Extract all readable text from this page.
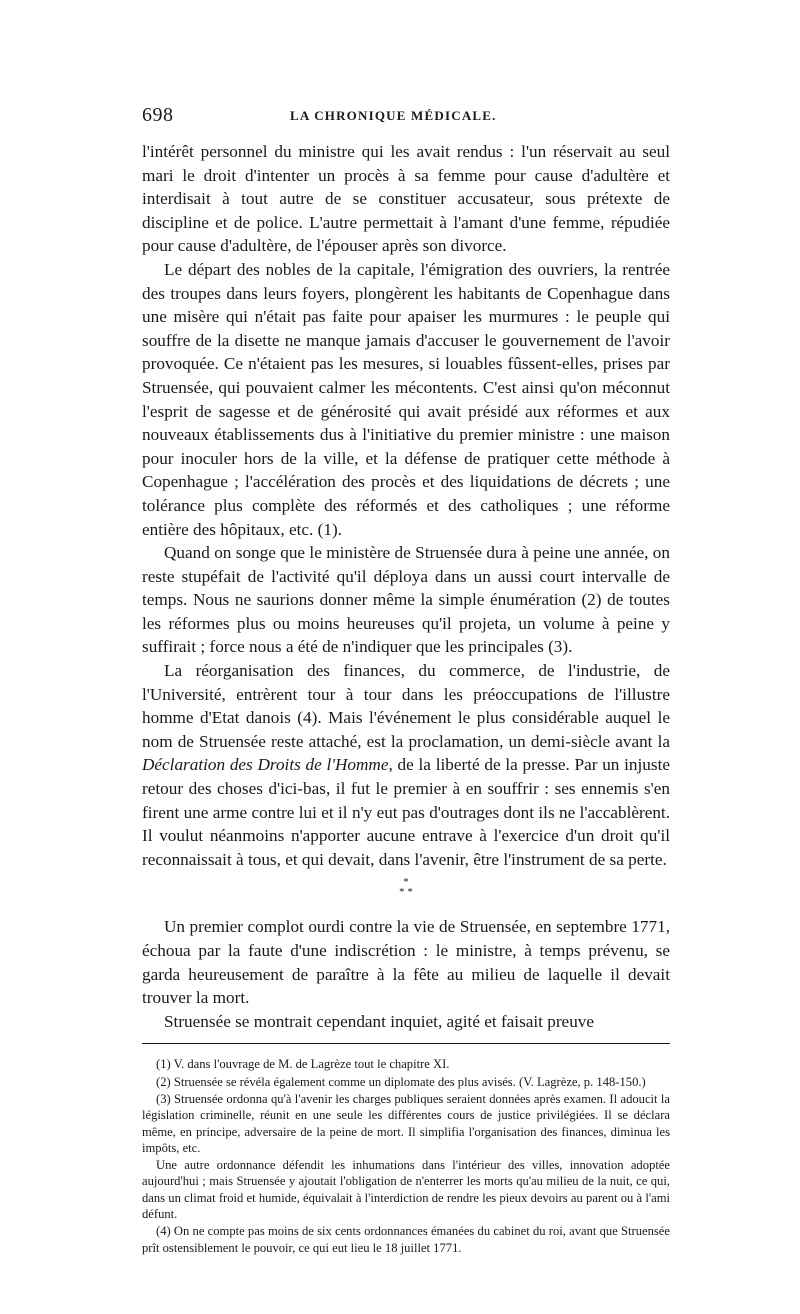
698	LA CHRONIQUE MÉDICALE.

l'intérêt personnel du ministre qui les avait rendus : l'un réservait au seul mari le droit d'intenter un procès à sa femme pour cause d'adultère et interdisait à tout autre de se constituer accusateur, sous prétexte de discipline et de police. L'autre permettait à l'amant d'une femme, répudiée pour cause d'adultère, de l'épouser après son divorce.

Le départ des nobles de la capitale, l'émigration des ouvriers, la rentrée des troupes dans leurs foyers, plongèrent les habitants de Copenhague dans une misère qui n'était pas faite pour apaiser les murmures : le peuple qui souffre de la disette ne manque jamais d'accuser le gouvernement de l'avoir provoquée. Ce n'étaient pas les mesures, si louables fûssent-elles, prises par Struensée, qui pouvaient calmer les mécontents. C'est ainsi qu'on méconnut l'esprit de sagesse et de générosité qui avait présidé aux réformes et aux nouveaux établissements dus à l'initiative du premier ministre : une maison pour inoculer hors de la ville, et la défense de pratiquer cette méthode à Copenhague ; l'accélération des procès et des liquidations de décrets ; une tolérance plus complète des réformés et des catholiques ; une réforme entière des hôpitaux, etc. (1).

Quand on songe que le ministère de Struensée dura à peine une année, on reste stupéfait de l'activité qu'il déploya dans un aussi court intervalle de temps. Nous ne saurions donner même la simple énumération (2) de toutes les réformes plus ou moins heureuses qu'il projeta, un volume à peine y suffirait ; force nous a été de n'indiquer que les principales (3).

La réorganisation des finances, du commerce, de l'industrie, de l'Université, entrèrent tour à tour dans les préoccupations de l'illustre homme d'Etat danois (4). Mais l'événement le plus considérable auquel le nom de Struensée reste attaché, est la proclamation, un demi-siècle avant la Déclaration des Droits de l'Homme, de la liberté de la presse. Par un injuste retour des choses d'ici-bas, il fut le premier à en souffrir : ses ennemis s'en firent une arme contre lui et il n'y eut pas d'outrages dont ils ne l'accablèrent. Il voulut néanmoins n'apporter aucune entrave à l'exercice d'un droit qu'il reconnaissait à tous, et qui devait, dans l'avenir, être l'instrument de sa perte.

*
* *

Un premier complot ourdi contre la vie de Struensée, en septembre 1771, échoua par la faute d'une indiscrétion : le ministre, à temps prévenu, se garda heureusement de paraître à la fête au milieu de laquelle il devait trouver la mort.

Struensée se montrait cependant inquiet, agité et faisait preuve

(1) V. dans l'ouvrage de M. de Lagrèze tout le chapitre XI.

(2) Struensée se révéla également comme un diplomate des plus avisés. (V. Lagrèze, p. 148-150.)

(3) Struensée ordonna qu'à l'avenir les charges publiques seraient données après examen. Il adoucit la législation criminelle, réunit en une seule les différentes cours de justice privilégiées. Il se déclara même, en principe, adversaire de la peine de mort. Il simplifia l'organisation des finances, diminua les impôts, etc.

Une autre ordonnance défendit les inhumations dans l'intérieur des villes, innovation adoptée aujourd'hui ; mais Struensée y ajoutait l'obligation de n'enterrer les morts qu'au milieu de la nuit, ce qui, dans un climat froid et humide, équivalait à l'interdiction de rendre les pieux devoirs au parent ou à l'ami défunt.

(4) On ne compte pas moins de six cents ordonnances émanées du cabinet du roi, avant que Struensée prît ostensiblement le pouvoir, ce qui eut lieu le 18 juillet 1771.
